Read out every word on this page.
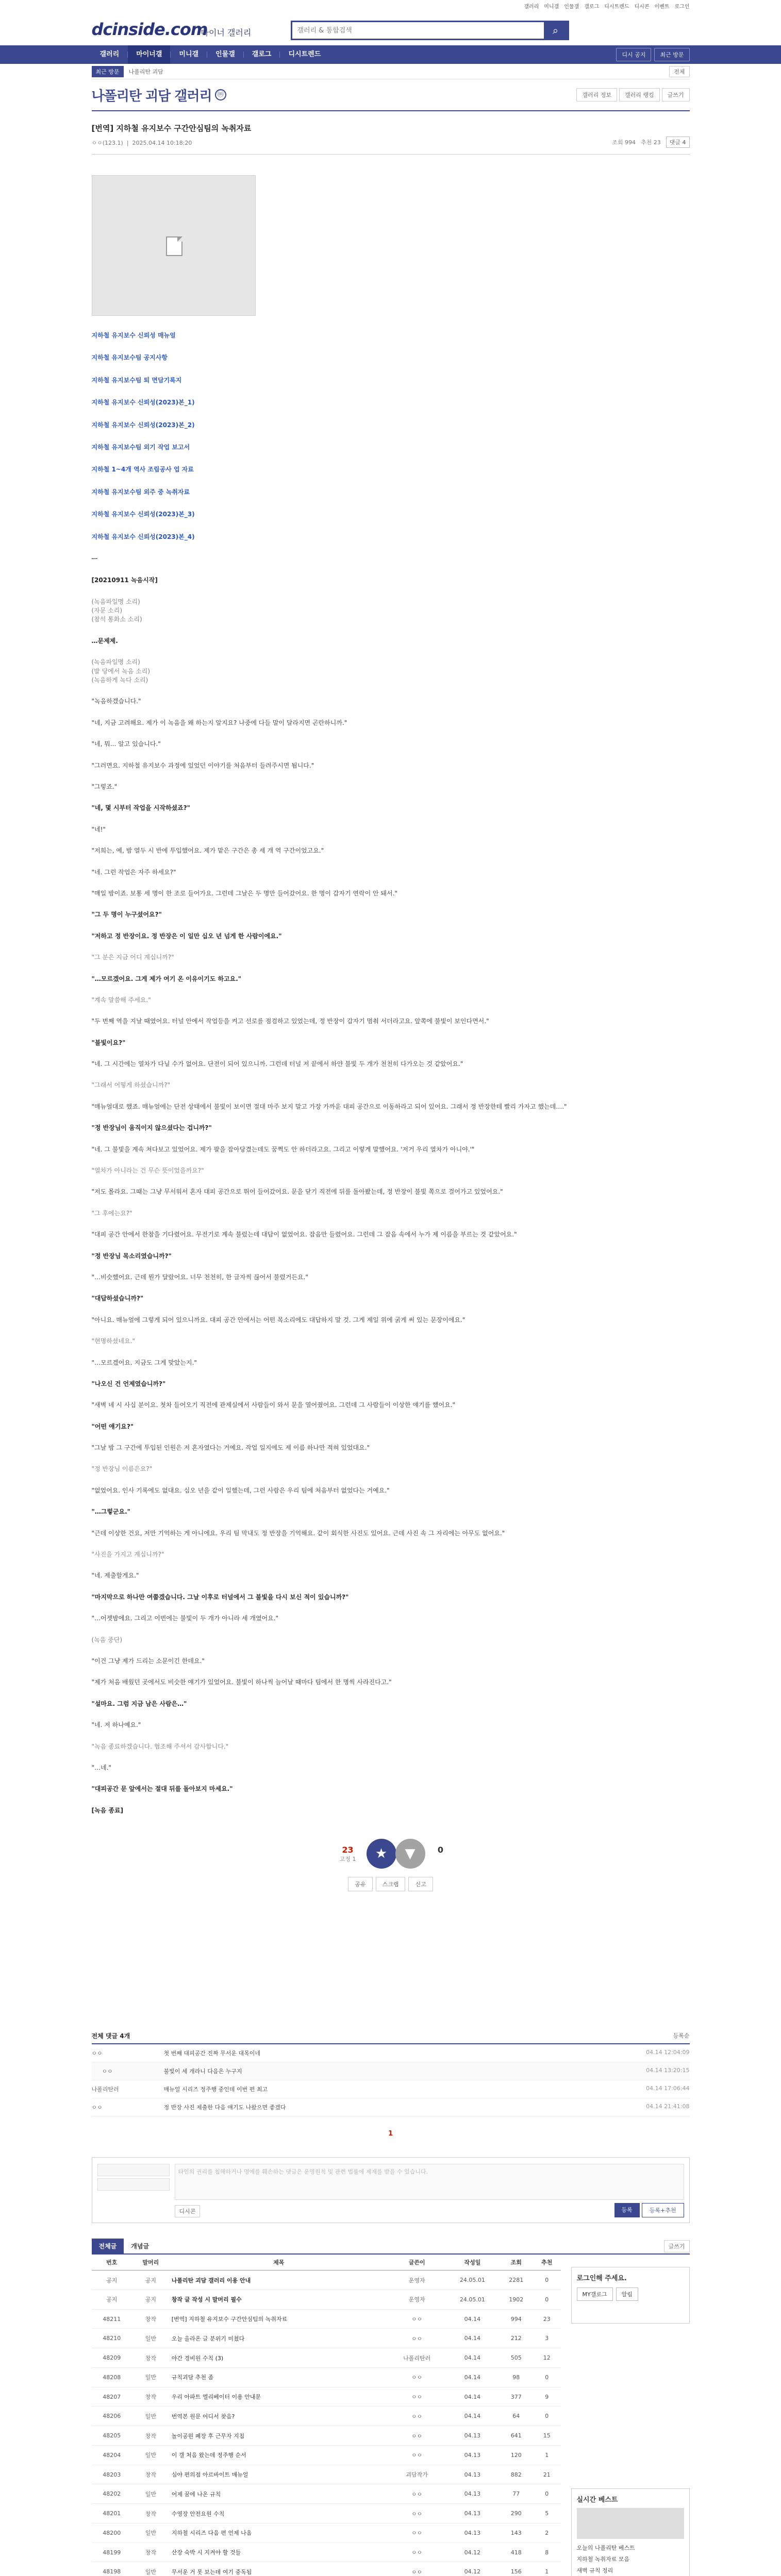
갤러리 미니갤 인물갤 갤로그 디시트렌드 디시콘 이벤트 로그인
dcinside.com
마이너 갤러리
갤러리 & 통합검색	⌕
갤러리	마이너갤	미니갤	인물갤	갤로그	디시트렌드	디시 공지	최근 방문
최근 방문	나폴리탄 괴담	전체
나폴리탄 괴담 갤러리 ⓜ	갤러리 정보	갤러리 랭킹	글쓰기
[번역] 지하철 유지보수 구간안심팀의 녹취자료
ㅇㅇ(123.1)  |  2025.04.14 10:18:20	조회 994 추천 23	댓글 4
지하철 유지보수 신뢰성 매뉴얼
지하철 유지보수팀 공지사항
지하철 유지보수팀 퇴 면담기록지
지하철 유지보수 신뢰성(2023)본_1)
지하철 유지보수 신뢰성(2023)본_2)
지하철 유지보수팀 외기 작업 보고서
지하철 1~4개 역사 조립공사 업 자료
지하철 유지보수팀 외주 중 녹취자료
지하철 유지보수 신뢰성(2023)본_3)
지하철 유지보수 신뢰성(2023)본_4)

ㅡ

[20210911 녹음시작]

(녹음파일명 소리)
(자문 소리)
(참석 통화소 소리)

…문제제.

(녹음파일명 소리)
(발 당에서 녹음 소리)
(녹음하게 녹다 소리)

"녹음하겠습니다."

"네, 지금 고려해요. 제가 이 녹음을 왜 하는지 알지요? 나중에 다들 말이 달라지면 곤란하니까."

"네, 뭐... 알고 있습니다."

"그러면요. 지하철 유지보수 과정에 있었던 이야기를 처음부터 들려주시면 됩니다."

"그렇죠."

"네, 몇 시부터 작업을 시작하셨죠?"

"네!"

"저희는, 예, 밤 열두 시 반에 투입했어요. 제가 맡은 구간은 총 세 개 역 구간이었고요."

"네. 그런 작업은 자주 하세요?"

"매일 밤이죠. 보통 세 명이 한 조로 들어가요. 그런데 그날은 두 명만 들어갔어요. 한 명이 갑자기 연락이 안 돼서."

"그 두 명이 누구셨어요?"

"저하고 정 반장이요. 정 반장은 이 일만 십오 년 넘게 한 사람이에요."

"그 분은 지금 어디 계십니까?"

"…모르겠어요. 그게 제가 여기 온 이유이기도 하고요."

"계속 말씀해 주세요."

"두 번째 역을 지날 때였어요. 터널 안에서 작업등을 켜고 선로를 점검하고 있었는데, 정 반장이 갑자기 멈춰 서더라고요. 앞쪽에 불빛이 보인다면서."

"불빛이요?"

"네. 그 시간에는 열차가 다닐 수가 없어요. 단전이 되어 있으니까. 그런데 터널 저 끝에서 하얀 불빛 두 개가 천천히 다가오는 것 같았어요."

"그래서 어떻게 하셨습니까?"

"매뉴얼대로 했죠. 매뉴얼에는 단전 상태에서 불빛이 보이면 절대 마주 보지 말고 가장 가까운 대피 공간으로 이동하라고 되어 있어요. 그래서 정 반장한테 빨리 가자고 했는데…."

"정 반장님이 움직이지 않으셨다는 겁니까?"

"네. 그 불빛을 계속 쳐다보고 있었어요. 제가 팔을 잡아당겼는데도 꿈쩍도 안 하더라고요. 그리고 이렇게 말했어요. '저거 우리 열차가 아니야.'"

"열차가 아니라는 건 무슨 뜻이었을까요?"

"저도 몰라요. 그때는 그냥 무서워서 혼자 대피 공간으로 뛰어 들어갔어요. 문을 닫기 직전에 뒤를 돌아봤는데, 정 반장이 불빛 쪽으로 걸어가고 있었어요."

"그 후에는요?"

"대피 공간 안에서 한참을 기다렸어요. 무전기로 계속 불렀는데 대답이 없었어요. 잡음만 들렸어요. 그런데 그 잡음 속에서 누가 제 이름을 부르는 것 같았어요."

"정 반장님 목소리였습니까?"

"…비슷했어요. 근데 뭔가 달랐어요. 너무 천천히, 한 글자씩 끊어서 불렀거든요."

"대답하셨습니까?"

"아니요. 매뉴얼에 그렇게 되어 있으니까요. 대피 공간 안에서는 어떤 목소리에도 대답하지 말 것. 그게 제일 위에 굵게 써 있는 문장이에요."

"현명하셨네요."

"…모르겠어요. 지금도 그게 맞았는지."

"나오신 건 언제였습니까?"

"새벽 네 시 사십 분이요. 첫차 들어오기 직전에 관제실에서 사람들이 와서 문을 열어줬어요. 그런데 그 사람들이 이상한 얘기를 했어요."

"어떤 얘기요?"

"그날 밤 그 구간에 투입된 인원은 저 혼자였다는 거예요. 작업 일지에도 제 이름 하나만 적혀 있었대요."

"정 반장님 이름은요?"

"없었어요. 인사 기록에도 없대요. 십오 년을 같이 일했는데, 그런 사람은 우리 팀에 처음부터 없었다는 거예요."

"…그렇군요."

"근데 이상한 건요, 저만 기억하는 게 아니에요. 우리 팀 막내도 정 반장을 기억해요. 같이 회식한 사진도 있어요. 근데 사진 속 그 자리에는 아무도 없어요."

"사진을 가지고 계십니까?"

"네. 제출할게요."

"마지막으로 하나만 여쭙겠습니다. 그날 이후로 터널에서 그 불빛을 다시 보신 적이 있습니까?"

"…어젯밤에요. 그리고 이번에는 불빛이 두 개가 아니라 세 개였어요."

(녹음 중단)

"이건 그냥 제가 드리는 소문이긴 한데요."

"제가 처음 배웠던 곳에서도 비슷한 얘기가 있었어요. 불빛이 하나씩 늘어날 때마다 팀에서 한 명씩 사라진다고."

"설마요. 그럼 지금 남은 사람은…"

"네. 저 하나예요."

"녹음 종료하겠습니다. 협조해 주셔서 감사합니다."

"…네."

"대피공간 문 앞에서는 절대 뒤를 돌아보지 마세요."

[녹음 종료]

23
고정 1	★	▼	0
공유	스크랩	신고
전체 댓글 4개	등록순
ㅇㅇ	첫 번째 대피공간 진짜 무서운 대목이네	04.14 12:04:09
ㅇㅇ	불빛이 세 개라니 다음은 누구지	04.14 13:20:15
나폴리탄러	매뉴얼 시리즈 정주행 중인데 이번 편 최고	04.14 17:06:44
ㅇㅇ	정 반장 사진 제출한 다음 얘기도 나왔으면 좋겠다	04.14 21:41:08
1
타인의 권리를 침해하거나 명예를 훼손하는 댓글은 운영원칙 및 관련 법률에 제재를 받을 수 있습니다.
디시콘	등록	등록+추천
전체글	개념글	글쓰기
번호	말머리	제목	글쓴이	작성일	조회	추천
공지	공지	나폴리탄 괴담 갤러리 이용 안내	운영자	24.05.01	2281	0
공지	공지	창작 글 작성 시 말머리 필수	운영자	24.05.01	1902	0
48211	창작	[번역] 지하철 유지보수 구간안심팀의 녹취자료	ㅇㅇ	04.14	994	23
48210	일반	오늘 올라온 글 분위기 미쳤다	ㅇㅇ	04.14	212	3
48209	창작	야간 경비원 수칙 (3)	나폴리탄러	04.14	505	12
48208	일반	규칙괴담 추천 좀	ㅇㅇ	04.14	98	0
48207	창작	우리 아파트 엘리베이터 이용 안내문	ㅇㅇ	04.14	377	9
48206	일반	번역본 원문 어디서 찾음?	ㅇㅇ	04.14	64	0
48205	창작	놀이공원 폐장 후 근무자 지침	ㅇㅇ	04.13	641	15
48204	일반	이 갤 처음 왔는데 정주행 순서	ㅇㅇ	04.13	120	1
48203	창작	심야 편의점 아르바이트 매뉴얼	괴담작가	04.13	882	21
48202	일반	어제 꿈에 나온 규칙	ㅇㅇ	04.13	77	0
48201	창작	수영장 안전요원 수칙	ㅇㅇ	04.13	290	5
48200	일반	지하철 시리즈 다음 편 언제 나옴	ㅇㅇ	04.13	143	2
48199	창작	산장 숙박 시 지켜야 할 것들	ㅇㅇ	04.12	418	8
48198	일반	무서운 거 못 보는데 여기 중독됨	ㅇㅇ	04.12	156	1
로그인해 주세요.
MY갤로그	알림
실시간 베스트
오늘의 나폴리탄 베스트
지하철 녹취자료 모음
새벽 규칙 정리
